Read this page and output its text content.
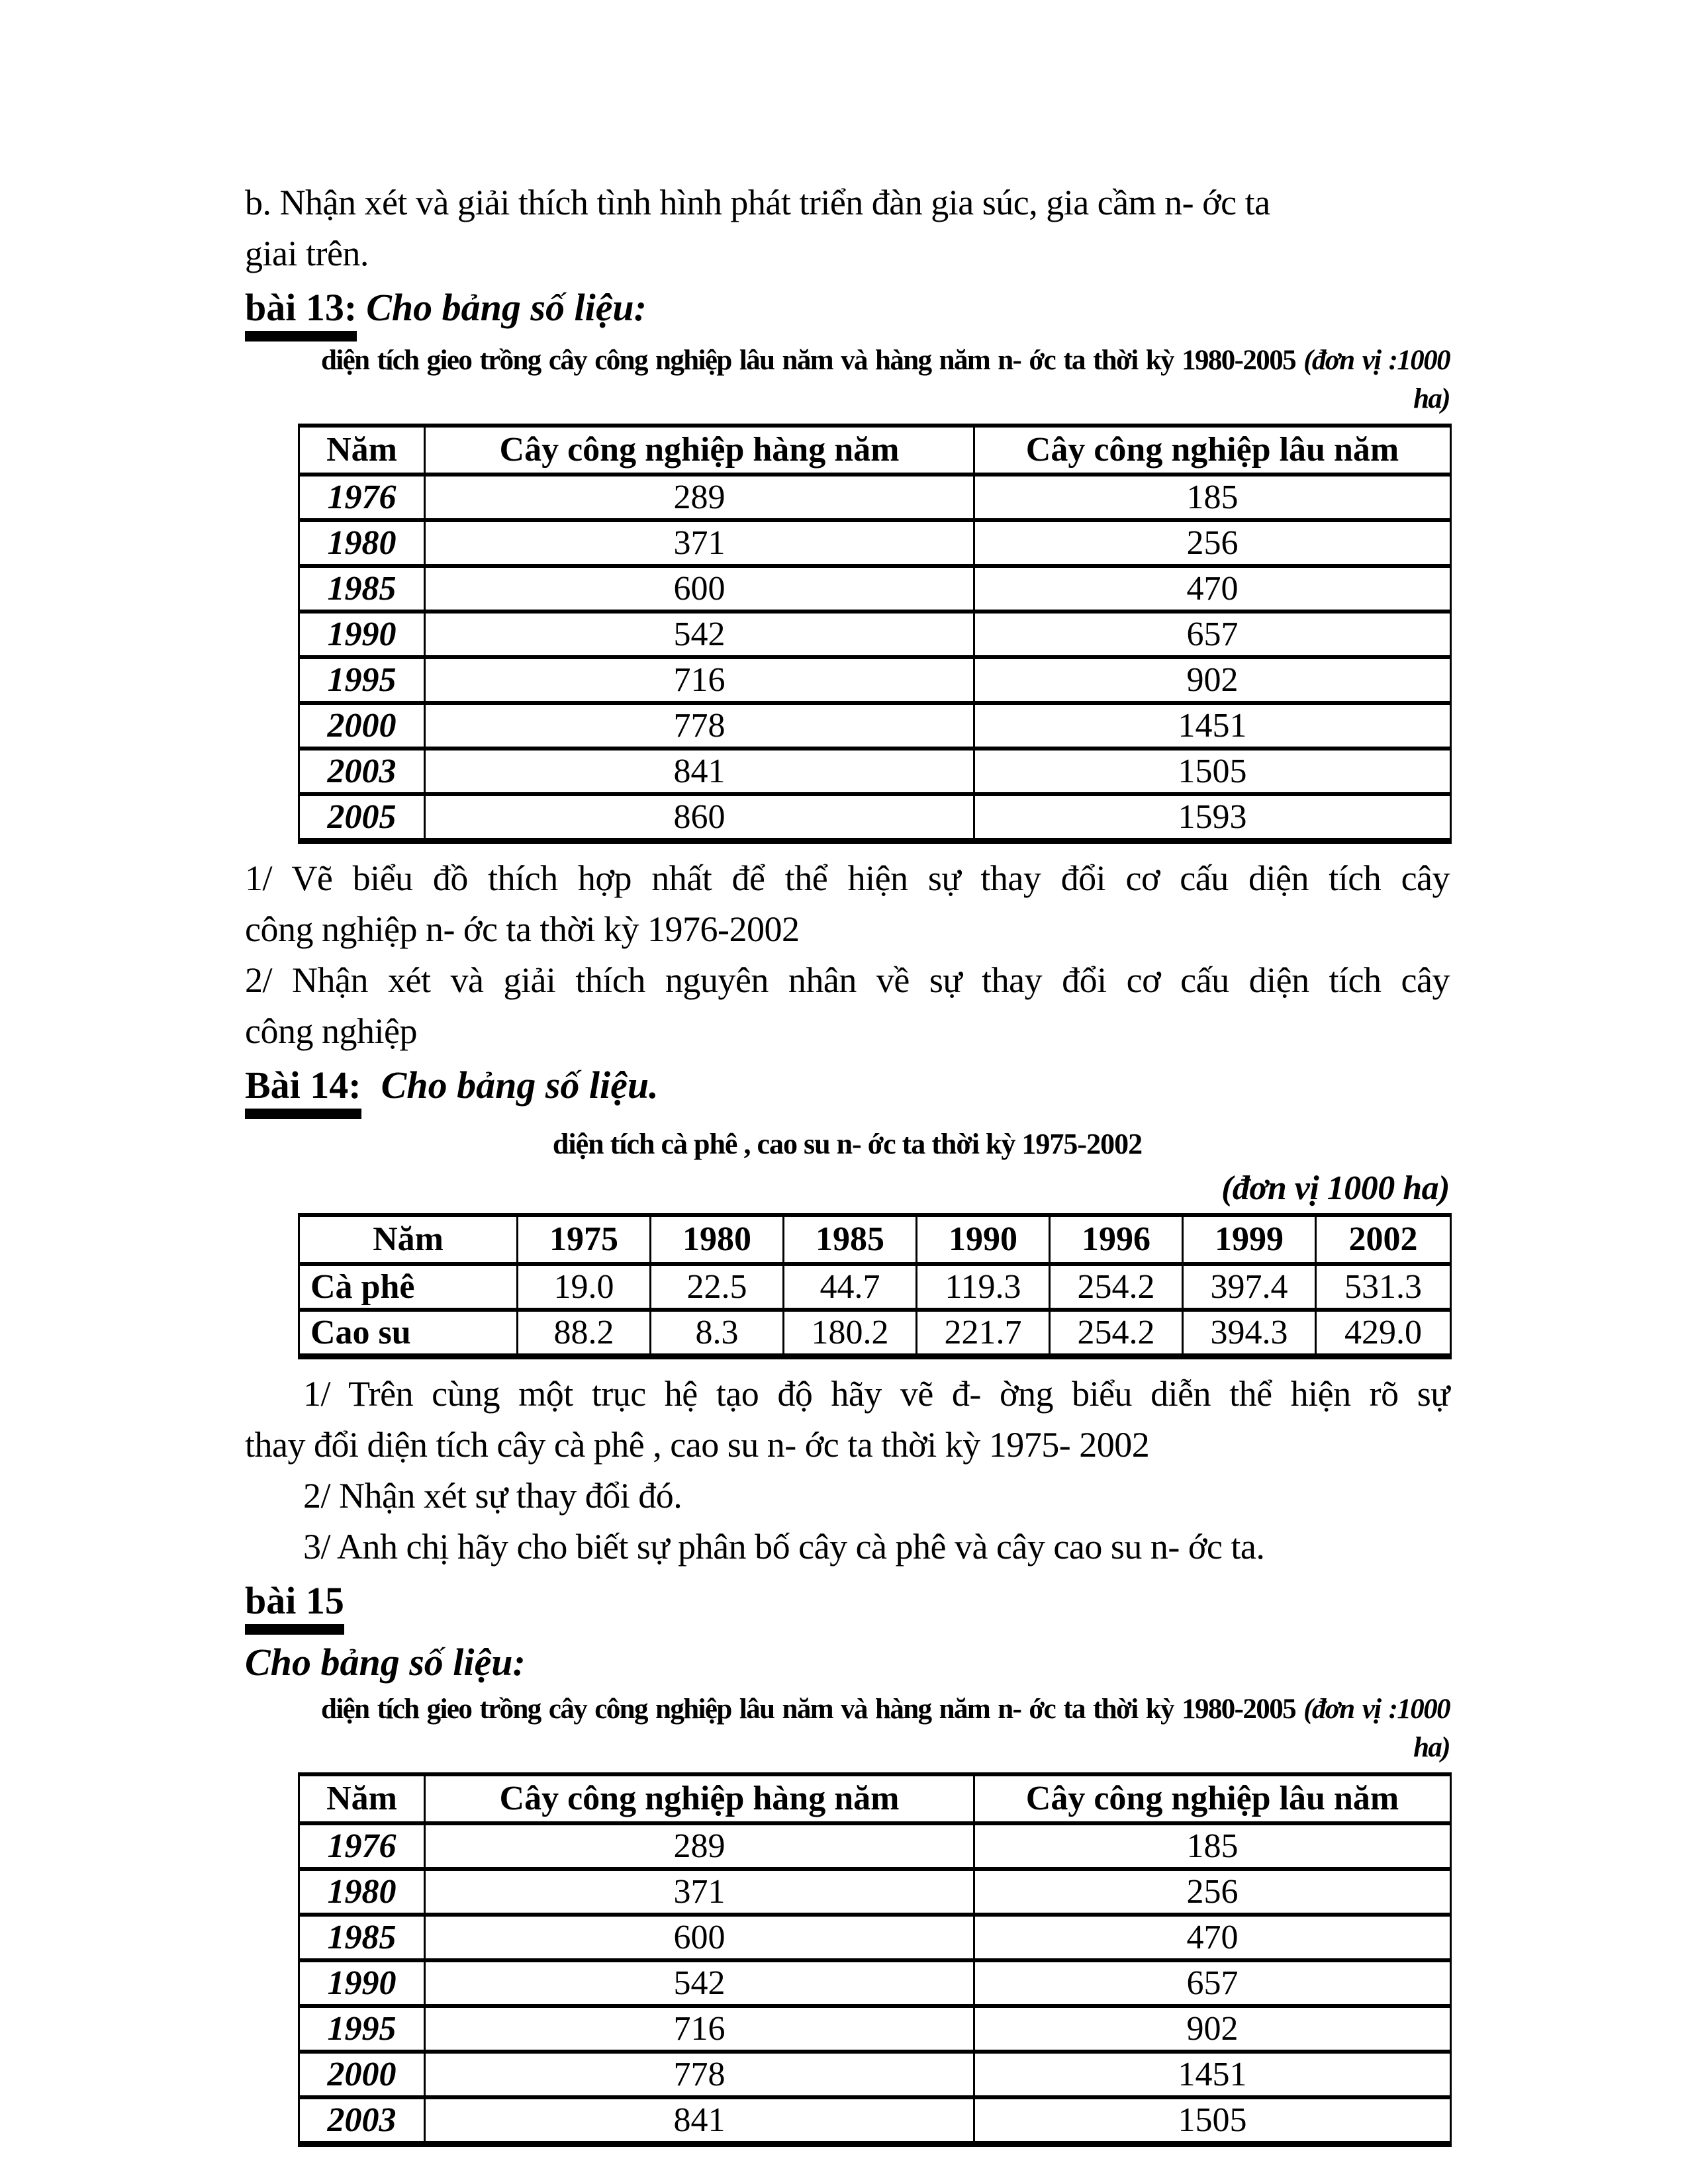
b. Nhận xét và giải thích tình hình phát triển đàn gia súc, gia cầm n- ớc ta
giai trên.
bài 13: Cho bảng số liệu:
diện tích gieo trồng cây công nghiệp lâu năm và hàng năm n- ớc ta thời kỳ 1980-2005 (đơn vị :1000
ha)
Năm	Cây công nghiệp hàng năm	Cây công nghiệp lâu năm
1976	289	185
1980	371	256
1985	600	470
1990	542	657
1995	716	902
2000	778	1451
2003	841	1505
2005	860	1593
1/ Vẽ biểu đồ thích hợp nhất để thể hiện sự thay đổi cơ cấu diện tích cây
công nghiệp n- ớc ta thời kỳ 1976-2002
2/ Nhận xét và giải thích nguyên nhân về sự thay đổi cơ cấu diện tích cây
công nghiệp
Bài 14: Cho bảng số liệu.
diện tích cà phê , cao su n- ớc ta thời kỳ 1975-2002
(đơn vị 1000 ha)
Năm	1975	1980	1985	1990	1996	1999	2002
Cà phê	19.0	22.5	44.7	119.3	254.2	397.4	531.3
Cao su	88.2	8.3	180.2	221.7	254.2	394.3	429.0
1/ Trên cùng một trục hệ tạo độ hãy vẽ đ- ờng biểu diễn thể hiện rõ sự
thay đổi diện tích cây cà phê , cao su n- ớc ta thời kỳ 1975- 2002
2/ Nhận xét sự thay đổi đó.
3/ Anh chị hãy cho biết sự phân bố cây cà phê và cây cao su n- ớc ta.
bài 15
Cho bảng số liệu:
diện tích gieo trồng cây công nghiệp lâu năm và hàng năm n- ớc ta thời kỳ 1980-2005 (đơn vị :1000
ha)
Năm	Cây công nghiệp hàng năm	Cây công nghiệp lâu năm
1976	289	185
1980	371	256
1985	600	470
1990	542	657
1995	716	902
2000	778	1451
2003	841	1505
